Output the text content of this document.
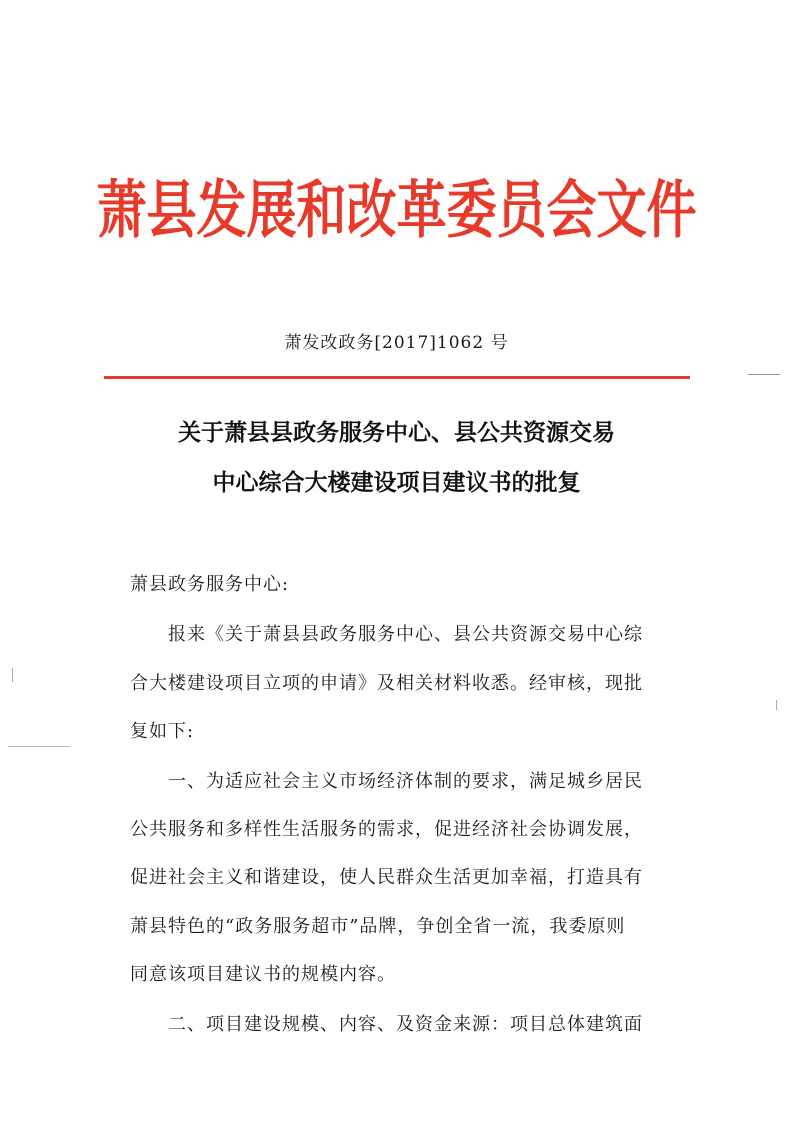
萧县发展和改革委员会文件
萧发改政务[2017]1062 号
关于萧县县政务服务中心、县公共资源交易
中心综合大楼建设项目建议书的批复
萧县政务服务中心:
报来《关于萧县县政务服务中心、县公共资源交易中心综
合大楼建设项目立项的申请》及相关材料收悉。经审核，现批
复如下:
一、为适应社会主义市场经济体制的要求，满足城乡居民
公共服务和多样性生活服务的需求，促进经济社会协调发展，
促进社会主义和谐建设，使人民群众生活更加幸福，打造具有
萧县特色的“政务服务超市”品牌，争创全省一流，我委原则
同意该项目建议书的规模内容。
二、项目建设规模、内容、及资金来源：项目总体建筑面
